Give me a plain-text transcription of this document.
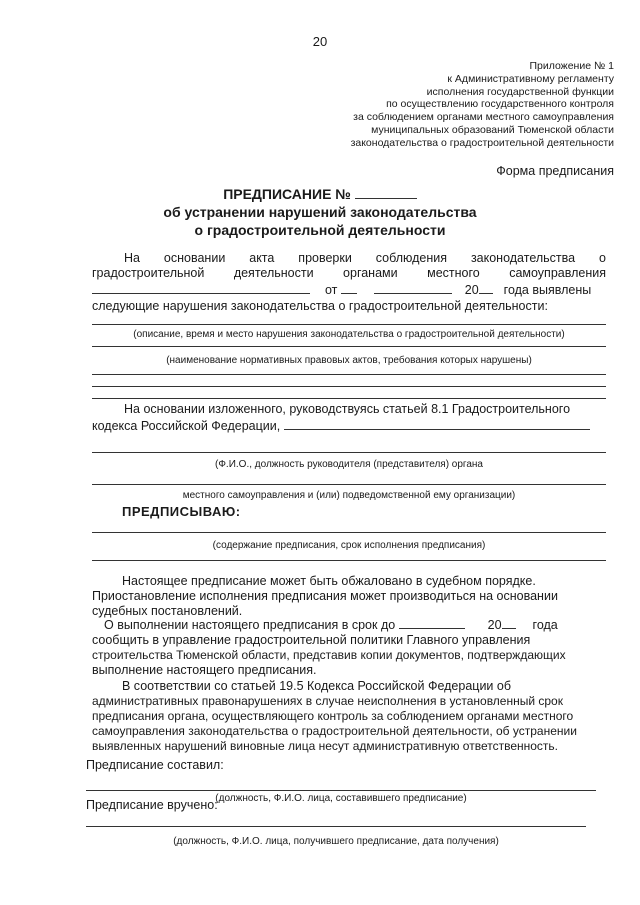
20
Приложение № 1
к Административному регламенту
исполнения государственной функции
по осуществлению государственного контроля
за соблюдением органами местного самоуправления
муниципальных образований Тюменской области
законодательства о градостроительной деятельности
Форма предписания
ПРЕДПИСАНИЕ №
об устранении нарушений законодательства
о градостроительной деятельности
На основании акта проверки соблюдения законодательства о
градостроительной деятельности органами местного самоуправления
от	20 года выявлены
следующие нарушения законодательства о градостроительной деятельности:
(описание, время и место нарушения законодательства о градостроительной деятельности)
(наименование нормативных правовых актов, требования которых нарушены)
На основании изложенного, руководствуясь статьей 8.1 Градостроительного
кодекса Российской Федерации,
(Ф.И.О., должность руководителя (представителя) органа
местного самоуправления и (или) подведомственной ему организации)
ПРЕДПИСЫВАЮ:
(содержание предписания, срок исполнения предписания)
Настоящее предписание может быть обжаловано в судебном порядке.
Приостановление исполнения предписания может производиться на основании
судебных постановлений.
О выполнении настоящего предписания в срок до	20 года
сообщить в управление градостроительной политики Главного управления
строительства Тюменской области, представив копии документов, подтверждающих
выполнение настоящего предписания.
В соответствии со статьей 19.5 Кодекса Российской Федерации об
административных правонарушениях в случае неисполнения в установленный срок
предписания органа, осуществляющего контроль за соблюдением органами местного
самоуправления законодательства о градостроительной деятельности, об устранении
выявленных нарушений виновные лица несут административную ответственность.
Предписание составил:
(должность, Ф.И.О. лица, составившего предписание)
Предписание вручено:
(должность, Ф.И.О. лица, получившего предписание, дата получения)
